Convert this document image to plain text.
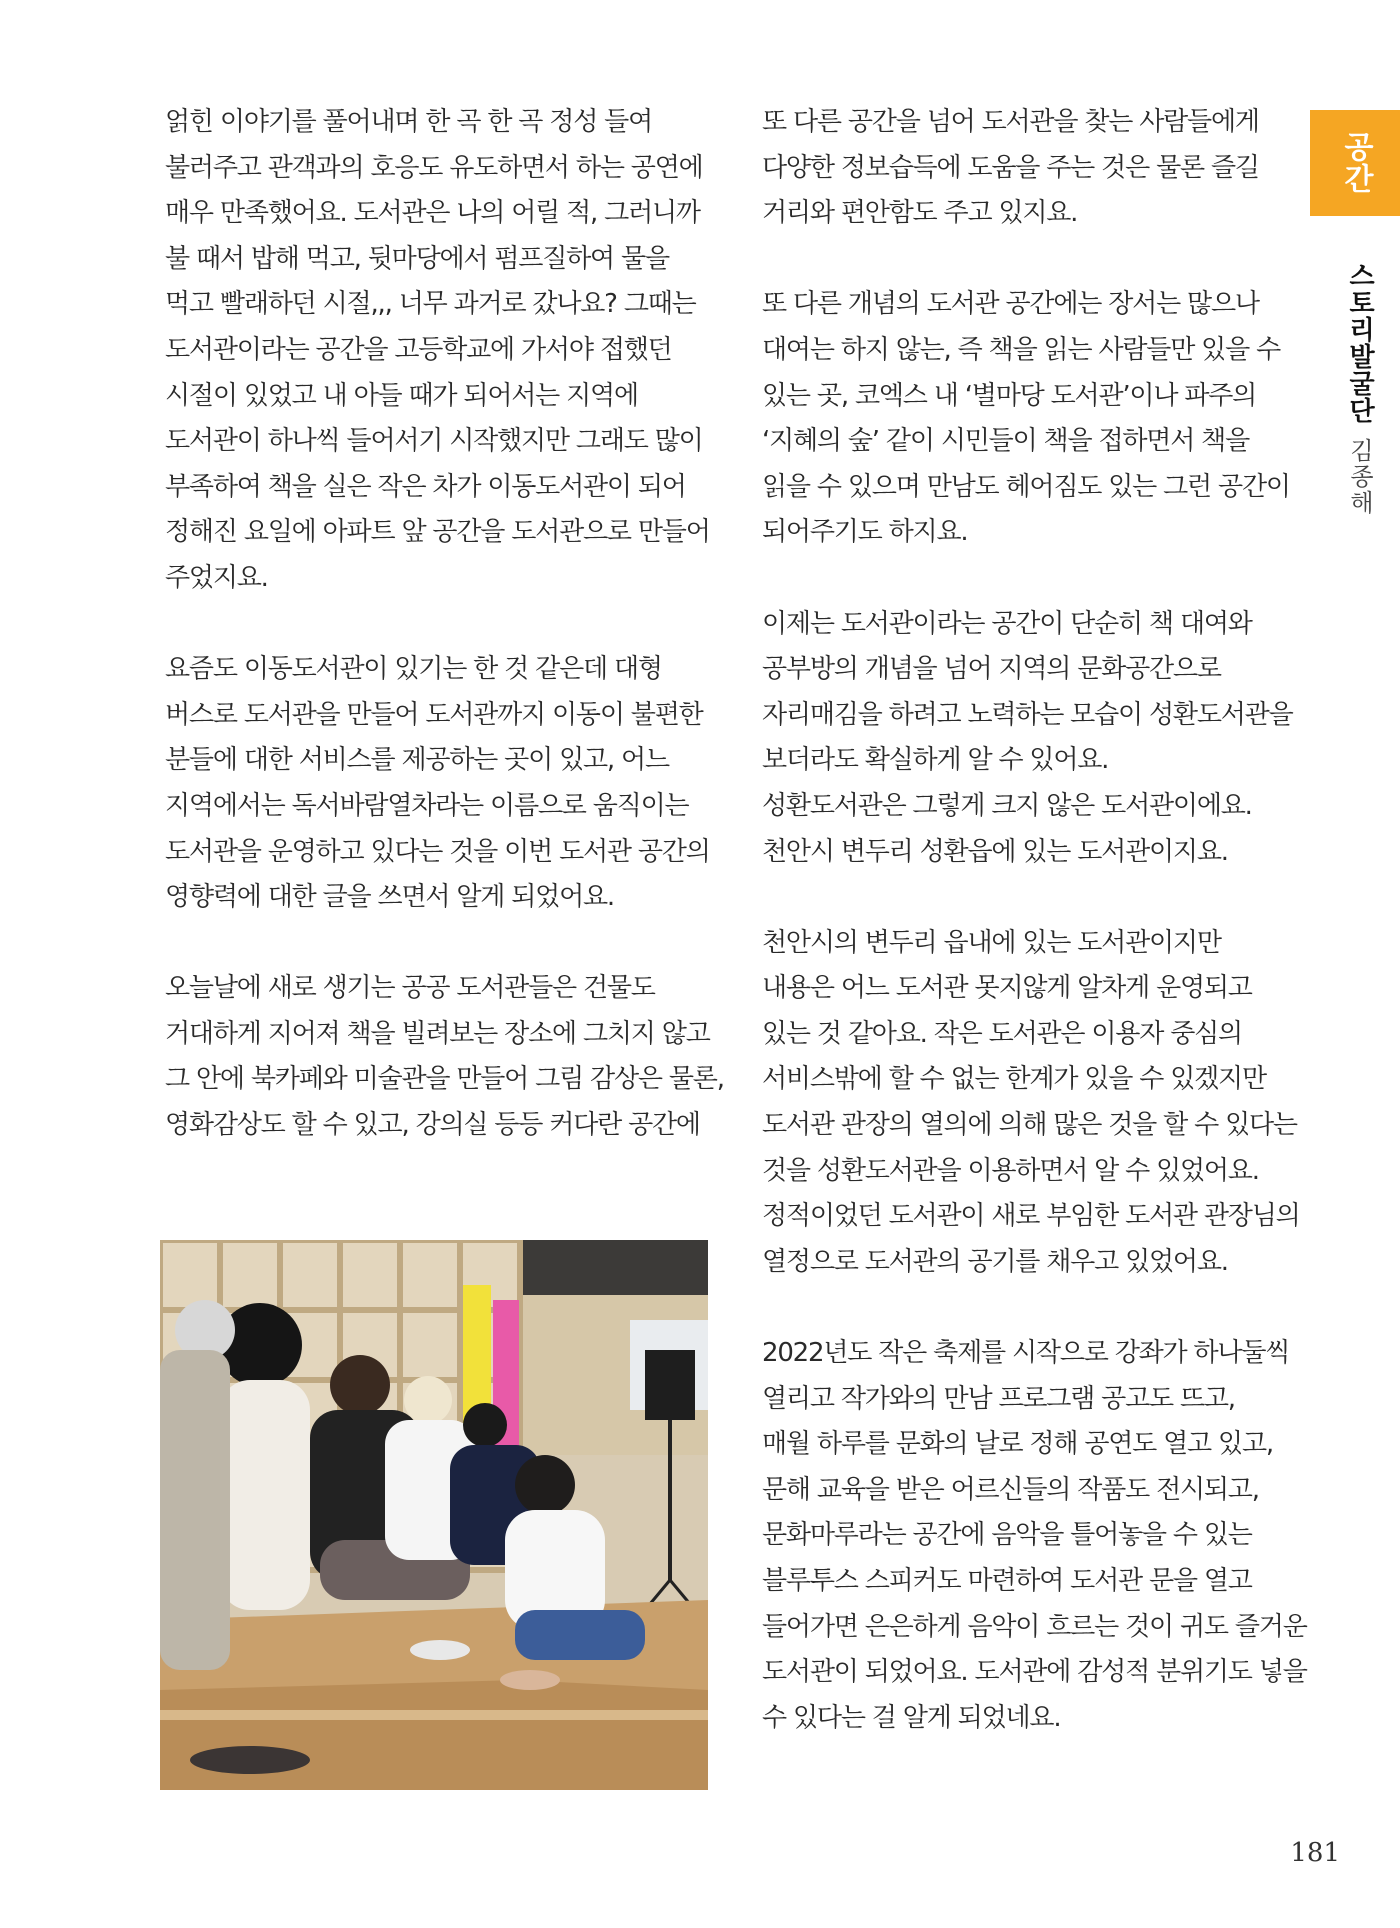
얽힌 이야기를 풀어내며 한 곡 한 곡 정성 들여
불러주고 관객과의 호응도 유도하면서 하는 공연에
매우 만족했어요. 도서관은 나의 어릴 적, 그러니까
불 때서 밥해 먹고, 뒷마당에서 펌프질하여 물을
먹고 빨래하던 시절,,, 너무 과거로 갔나요? 그때는
도서관이라는 공간을 고등학교에 가서야 접했던
시절이 있었고 내 아들 때가 되어서는 지역에
도서관이 하나씩 들어서기 시작했지만 그래도 많이
부족하여 책을 실은 작은 차가 이동도서관이 되어
정해진 요일에 아파트 앞 공간을 도서관으로 만들어
주었지요.

요즘도 이동도서관이 있기는 한 것 같은데 대형
버스로 도서관을 만들어 도서관까지 이동이 불편한
분들에 대한 서비스를 제공하는 곳이 있고, 어느
지역에서는 독서바람열차라는 이름으로 움직이는
도서관을 운영하고 있다는 것을 이번 도서관 공간의
영향력에 대한 글을 쓰면서 알게 되었어요.

오늘날에 새로 생기는 공공 도서관들은 건물도
거대하게 지어져 책을 빌려보는 장소에 그치지 않고
그 안에 북카페와 미술관을 만들어 그림 감상은 물론,
영화감상도 할 수 있고, 강의실 등등 커다란 공간에

또 다른 공간을 넘어 도서관을 찾는 사람들에게
다양한 정보습득에 도움을 주는 것은 물론 즐길
거리와 편안함도 주고 있지요.

또 다른 개념의 도서관 공간에는 장서는 많으나
대여는 하지 않는, 즉 책을 읽는 사람들만 있을 수
있는 곳, 코엑스 내 ‘별마당 도서관’이나 파주의
‘지혜의 숲’ 같이 시민들이 책을 접하면서 책을
읽을 수 있으며 만남도 헤어짐도 있는 그런 공간이
되어주기도 하지요.

이제는 도서관이라는 공간이 단순히 책 대여와
공부방의 개념을 넘어 지역의 문화공간으로
자리매김을 하려고 노력하는 모습이 성환도서관을
보더라도 확실하게 알 수 있어요.
성환도서관은 그렇게 크지 않은 도서관이에요.
천안시 변두리 성환읍에 있는 도서관이지요.

천안시의 변두리 읍내에 있는 도서관이지만
내용은 어느 도서관 못지않게 알차게 운영되고
있는 것 같아요. 작은 도서관은 이용자 중심의
서비스밖에 할 수 없는 한계가 있을 수 있겠지만
도서관 관장의 열의에 의해 많은 것을 할 수 있다는
것을 성환도서관을 이용하면서 알 수 있었어요.
정적이었던 도서관이 새로 부임한 도서관 관장님의
열정으로 도서관의 공기를 채우고 있었어요.

2022년도 작은 축제를 시작으로 강좌가 하나둘씩
열리고 작가와의 만남 프로그램 공고도 뜨고,
매월 하루를 문화의 날로 정해 공연도 열고 있고,
문해 교육을 받은 어르신들의 작품도 전시되고,
문화마루라는 공간에 음악을 틀어놓을 수 있는
블루투스 스피커도 마련하여 도서관 문을 열고
들어가면 은은하게 음악이 흐르는 것이 귀도 즐거운
도서관이 되었어요. 도서관에 감성적 분위기도 넣을
수 있다는 걸 알게 되었네요.

공간
스토리발굴단
김종해
181
